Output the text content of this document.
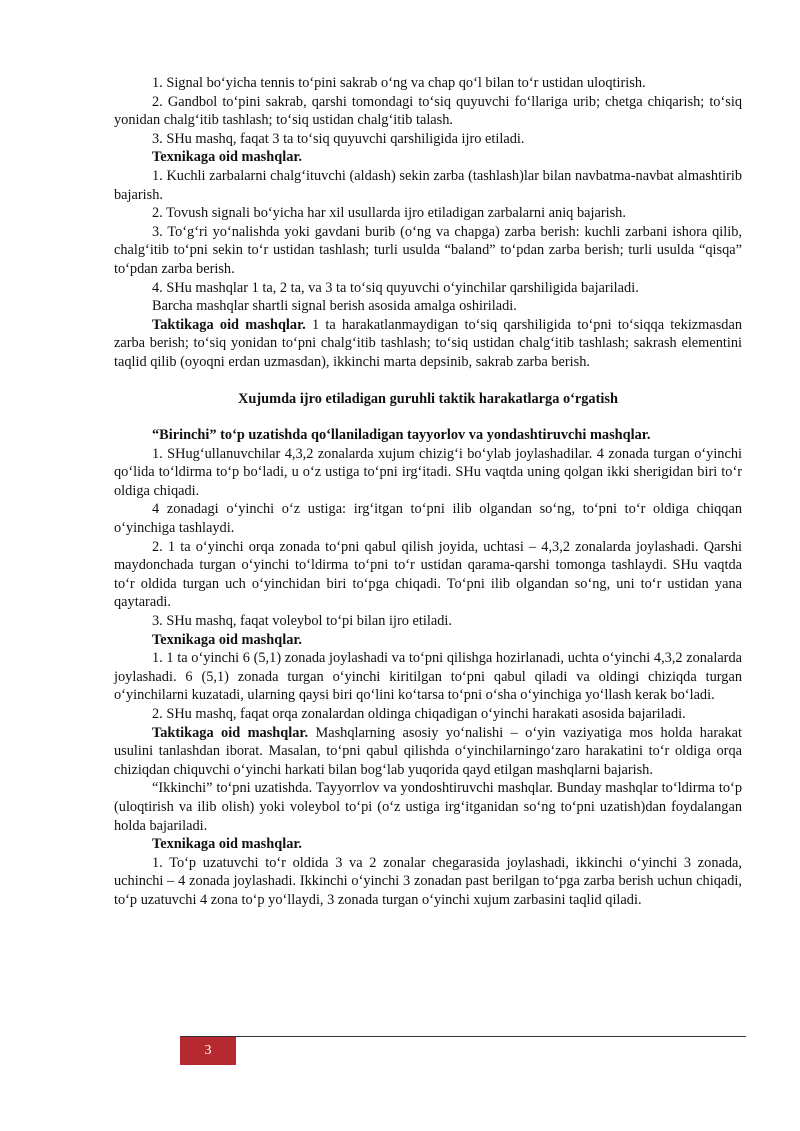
1. Signal bo‘yicha tennis to‘pini sakrab o‘ng va chap qo‘l bilan to‘r ustidan uloqtirish.

2. Gandbol to‘pini sakrab, qarshi tomondagi to‘siq quyuvchi fo‘llariga urib; chetga chiqarish; to‘siq yonidan chalg‘itib tashlash; to‘siq ustidan chalg‘itib talash.

3. SHu mashq, faqat 3 ta to‘siq quyuvchi qarshiligida ijro etiladi.

Texnikaga oid mashqlar.

1. Kuchli zarbalarni chalg‘ituvchi (aldash) sekin zarba (tashlash)lar bilan navbatma-navbat almashtirib bajarish.

2. Tovush signali bo‘yicha har xil usullarda ijro etiladigan zarbalarni aniq bajarish.

3. To‘g‘ri yo‘nalishda yoki gavdani burib (o‘ng va chapga) zarba berish: kuchli zarbani ishora qilib, chalg‘itib to‘pni sekin to‘r ustidan tashlash; turli usulda “baland” to‘pdan zarba berish; turli usulda “qisqa” to‘pdan zarba berish.

4. SHu mashqlar 1 ta, 2 ta, va 3 ta to‘siq quyuvchi o‘yinchilar qarshiligida bajariladi.

Barcha mashqlar shartli signal berish asosida amalga oshiriladi.

Taktikaga oid mashqlar. 1 ta harakatlanmaydigan to‘siq qarshiligida to‘pni to‘siqqa tekizmasdan zarba berish; to‘siq yonidan to‘pni chalg‘itib tashlash; to‘siq ustidan chalg‘itib tashlash; sakrash elementini taqlid qilib (oyoqni erdan uzmasdan), ikkinchi marta depsinib, sakrab zarba berish.

Xujumda ijro etiladigan guruhli taktik harakatlarga o‘rgatish

“Birinchi” to‘p uzatishda qo‘llaniladigan tayyorlov va yondashtiruvchi mashqlar.

1. SHug‘ullanuvchilar 4,3,2 zonalarda xujum chizig‘i bo‘ylab joylashadilar. 4 zonada turgan o‘yinchi qo‘lida to‘ldirma to‘p bo‘ladi, u o‘z ustiga to‘pni irg‘itadi. SHu vaqtda uning qolgan ikki sherigidan biri to‘r oldiga chiqadi.

4 zonadagi o‘yinchi o‘z ustiga: irg‘itgan to‘pni ilib olgandan so‘ng, to‘pni to‘r oldiga chiqqan o‘yinchiga tashlaydi.

2. 1 ta o‘yinchi orqa zonada to‘pni qabul qilish joyida, uchtasi – 4,3,2 zonalarda joylashadi. Qarshi maydonchada turgan o‘yinchi to‘ldirma to‘pni to‘r ustidan qarama-qarshi tomonga tashlaydi. SHu vaqtda to‘r oldida turgan uch o‘yinchidan biri to‘pga chiqadi. To‘pni ilib olgandan so‘ng, uni to‘r ustidan yana qaytaradi.

3. SHu mashq, faqat voleybol to‘pi bilan ijro etiladi.

Texnikaga oid mashqlar.

1. 1 ta o‘yinchi 6 (5,1) zonada joylashadi va to‘pni qilishga hozirlanadi, uchta o‘yinchi 4,3,2 zonalarda joylashadi. 6 (5,1) zonada turgan o‘yinchi kiritilgan to‘pni qabul qiladi va oldingi chiziqda turgan o‘yinchilarni kuzatadi, ularning qaysi biri qo‘lini ko‘tarsa to‘pni o‘sha o‘yinchiga yo‘llash kerak bo‘ladi.

2. SHu mashq, faqat orqa zonalardan oldinga chiqadigan o‘yinchi harakati asosida bajariladi.

Taktikaga oid mashqlar. Mashqlarning asosiy yo‘nalishi – o‘yin vaziyatiga mos holda harakat usulini tanlashdan iborat. Masalan, to‘pni qabul qilishda o‘yinchilarningo‘zaro harakatini to‘r oldiga orqa chiziqdan chiquvchi o‘yinchi harkati bilan bog‘lab yuqorida qayd etilgan mashqlarni bajarish.

“Ikkinchi” to‘pni uzatishda. Tayyorrlov va yondoshtiruvchi mashqlar. Bunday mashqlar to‘ldirma to‘p (uloqtirish va ilib olish) yoki voleybol to‘pi (o‘z ustiga irg‘itganidan so‘ng to‘pni uzatish)dan foydalangan holda bajariladi.

Texnikaga oid mashqlar.

1. To‘p uzatuvchi to‘r oldida 3 va 2 zonalar chegarasida joylashadi, ikkinchi o‘yinchi 3 zonada, uchinchi – 4 zonada joylashadi. Ikkinchi o‘yinchi 3 zonadan past berilgan to‘pga zarba berish uchun chiqadi, to‘p uzatuvchi 4 zona to‘p yo‘llaydi, 3 zonada turgan o‘yinchi xujum zarbasini taqlid qiladi.

3
